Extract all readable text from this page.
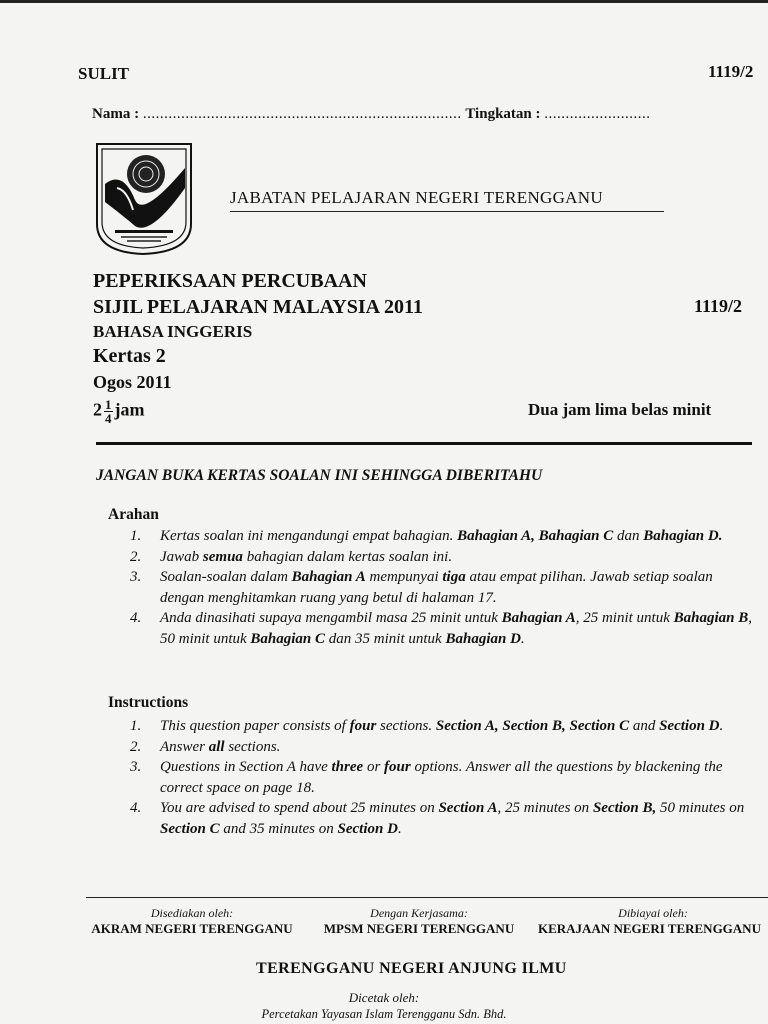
SULIT	1119/2
Nama : ........................................................................... Tingkatan : .........................
JABATAN PELAJARAN NEGERI TERENGGANU
PEPERIKSAAN PERCUBAAN
SIJIL PELAJARAN MALAYSIA 2011	1119/2
BAHASA INGGERIS
Kertas 2
Ogos 2011
$2 \frac{1}{4}$ jam	Dua jam lima belas minit
JANGAN BUKA KERTAS SOALAN INI SEHINGGA DIBERITAHU
Arahan
1. Kertas soalan ini mengandungi empat bahagian. Bahagian A, Bahagian C dan Bahagian D.
2. Jawab semua bahagian dalam kertas soalan ini.
3. Soalan-soalan dalam Bahagian A mempunyai tiga atau empat pilihan. Jawab setiap soalan dengan menghitamkan ruang yang betul di halaman 17.
4. Anda dinasihati supaya mengambil masa 25 minit untuk Bahagian A, 25 minit untuk Bahagian B, 50 minit untuk Bahagian C dan 35 minit untuk Bahagian D.
Instructions
1. This question paper consists of four sections. Section A, Section B, Section C and Section D.
2. Answer all sections.
3. Questions in Section A have three or four options. Answer all the questions by blackening the correct space on page 18.
4. You are advised to spend about 25 minutes on Section A, 25 minutes on Section B, 50 minutes on Section C and 35 minutes on Section D.
Disediakan oleh:
AKRAM NEGERI TERENGGANU
Dengan Kerjasama:
MPSM NEGERI TERENGGANU
Dibiayai oleh:
KERAJAAN NEGERI TERENGGANU
TERENGGANU NEGERI ANJUNG ILMU
Dicetak oleh:
Percetakan Yayasan Islam Terengganu Sdn. Bhd.
